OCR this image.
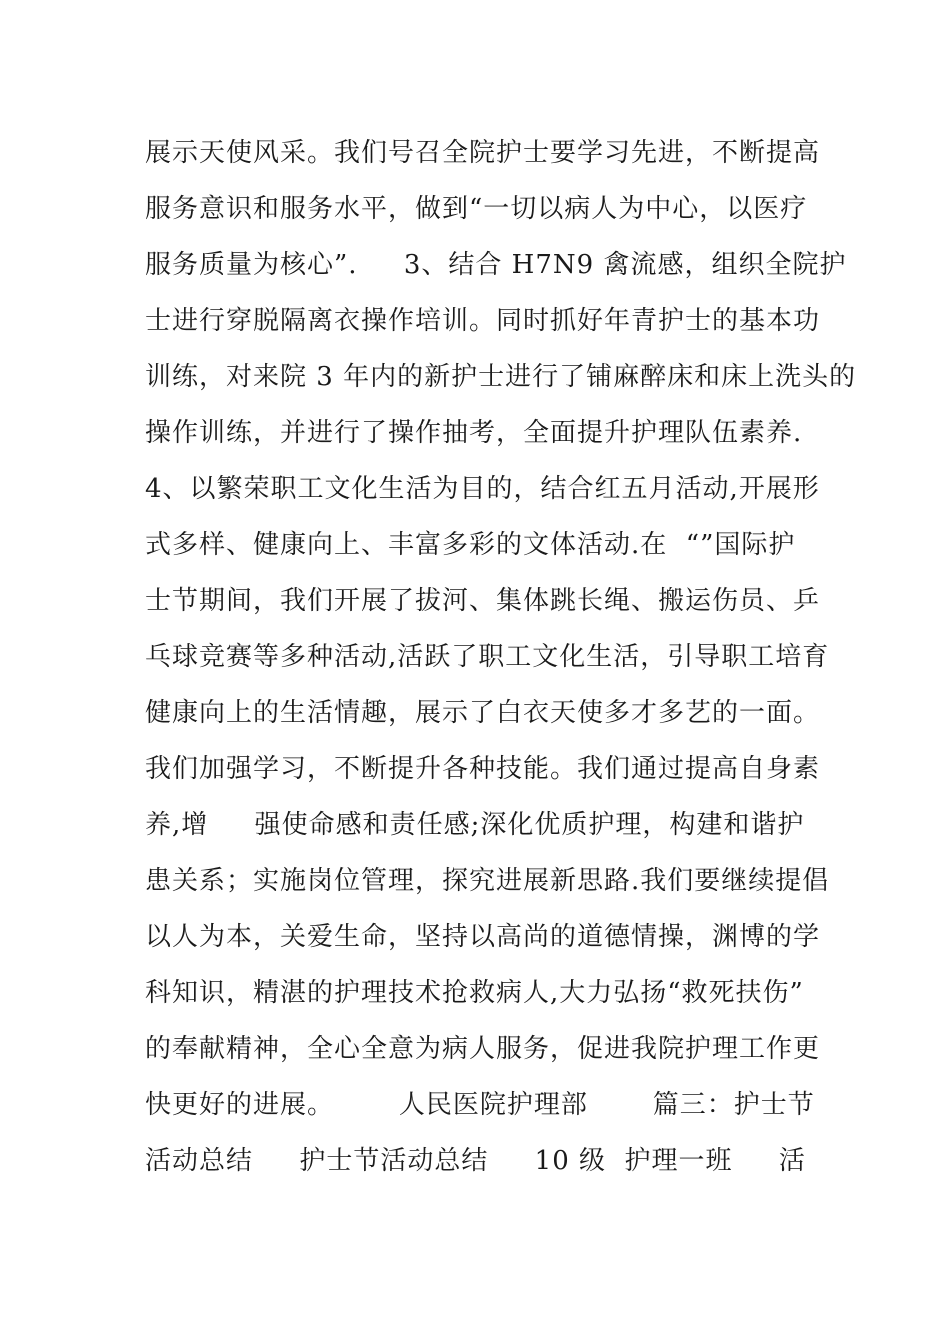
展示天使风采。我们号召全院护士要学习先进，不断提高
服务意识和服务水平，做到“一切以病人为中心，以医疗
服务质量为核心”.     3、结合 H7N9 禽流感，组织全院护
士进行穿脱隔离衣操作培训。同时抓好年青护士的基本功
训练，对来院 3 年内的新护士进行了铺麻醉床和床上洗头的
操作训练，并进行了操作抽考，全面提升护理队伍素养.
4、以繁荣职工文化生活为目的，结合红五月活动,开展形
式多样、健康向上、丰富多彩的文体活动.在  “”国际护
士节期间，我们开展了拔河、集体跳长绳、搬运伤员、乒
乓球竞赛等多种活动,活跃了职工文化生活，引导职工培育
健康向上的生活情趣，展示了白衣天使多才多艺的一面。
我们加强学习，不断提升各种技能。我们通过提高自身素
养,增     强使命感和责任感;深化优质护理，构建和谐护
患关系；实施岗位管理，探究进展新思路.我们要继续提倡
以人为本，关爱生命，坚持以高尚的道德情操，渊博的学
科知识，精湛的护理技术抢救病人,大力弘扬“救死扶伤”
的奉献精神，全心全意为病人服务，促进我院护理工作更
快更好的进展。       人民医院护理部       篇三：护士节
活动总结     护士节活动总结     10 级  护理一班     活
